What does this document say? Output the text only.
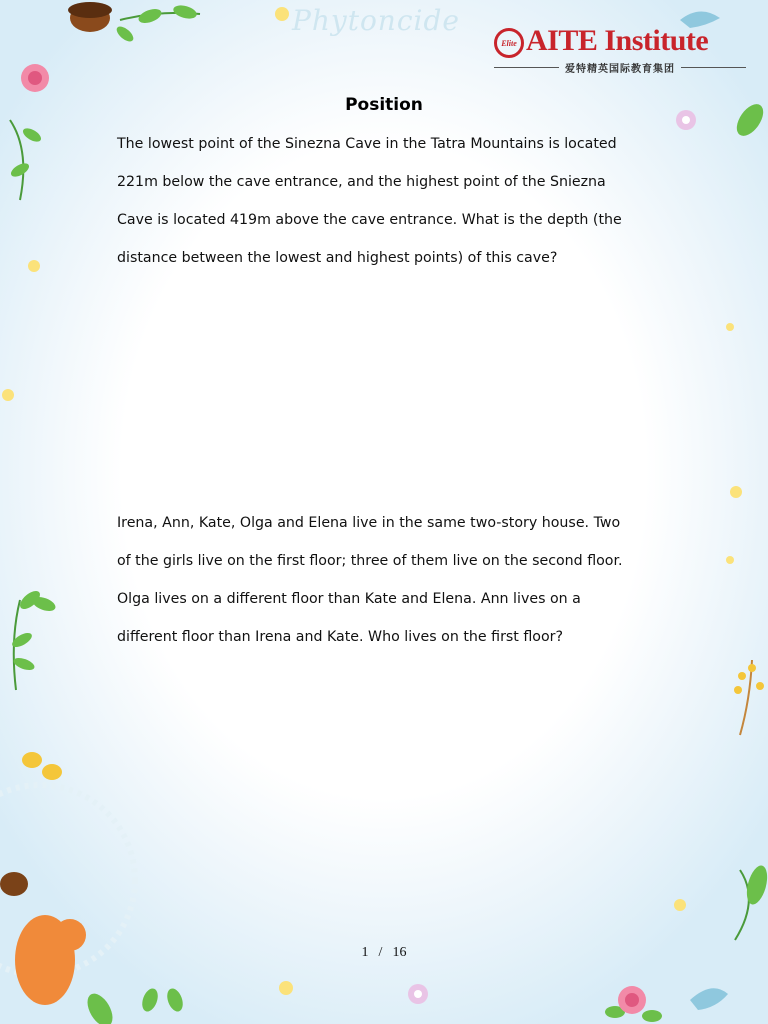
Phytoncide
Elite AITE Institute
爱特精英国际教育集团
Position
The lowest point of the Sinezna Cave in the Tatra Mountains is located
221m below the cave entrance, and the highest point of the Sniezna
Cave is located 419m above the cave entrance. What is the depth (the
distance between the lowest and highest points) of this cave?
Irena, Ann, Kate, Olga and Elena live in the same two-story house. Two
of the girls live on the first floor; three of them live on the second floor.
Olga lives on a different floor than Kate and Elena. Ann lives on a
different floor than Irena and Kate. Who lives on the first floor?
1 / 16
